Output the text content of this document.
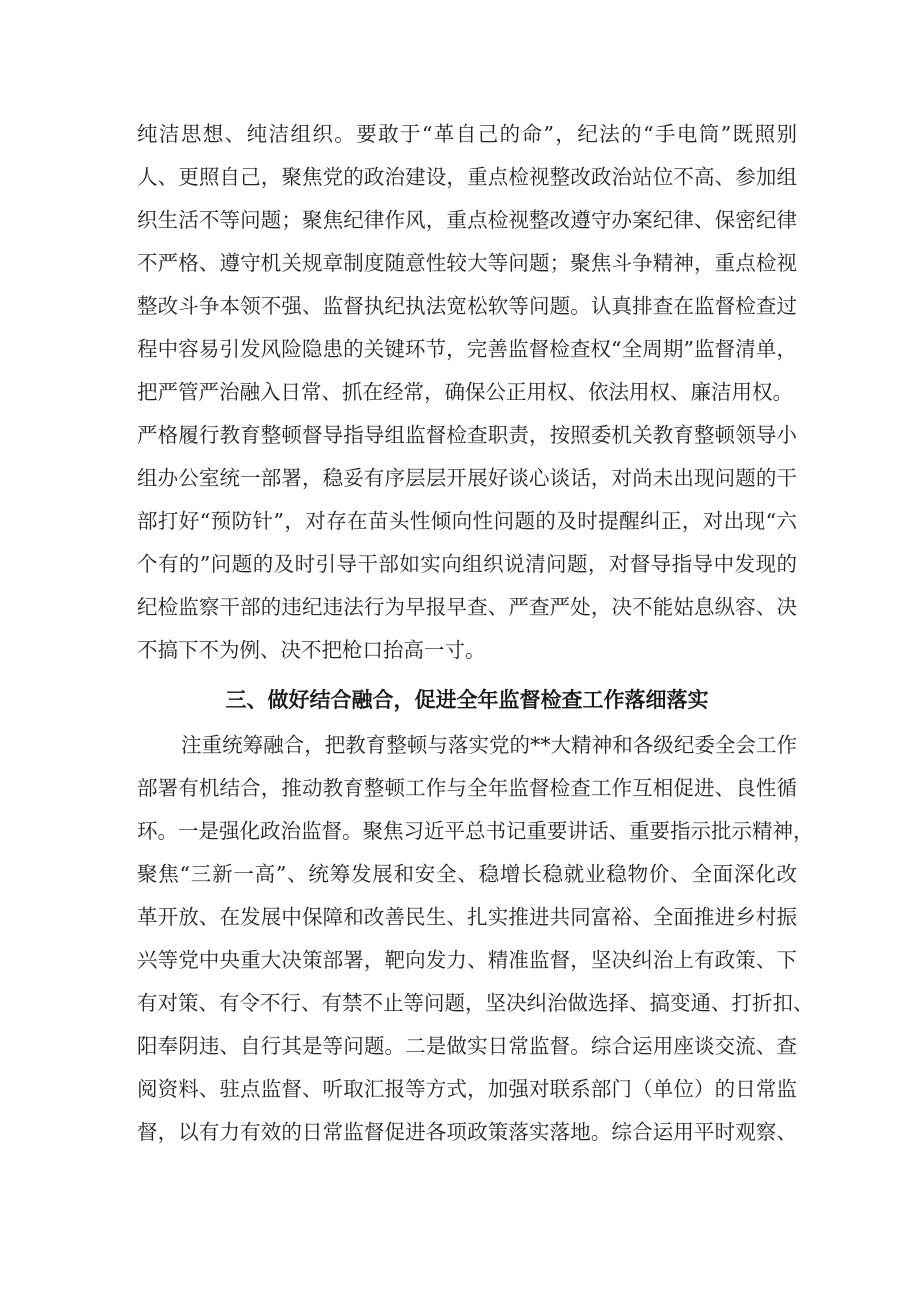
纯洁思想、纯洁组织。要敢于“革自己的命”，纪法的“手电筒”既照别
人、更照自己，聚焦党的政治建设，重点检视整改政治站位不高、参加组
织生活不等问题；聚焦纪律作风，重点检视整改遵守办案纪律、保密纪律
不严格、遵守机关规章制度随意性较大等问题；聚焦斗争精神，重点检视
整改斗争本领不强、监督执纪执法宽松软等问题。认真排查在监督检查过
程中容易引发风险隐患的关键环节，完善监督检查权“全周期”监督清单，
把严管严治融入日常、抓在经常，确保公正用权、依法用权、廉洁用权。
严格履行教育整顿督导指导组监督检查职责，按照委机关教育整顿领导小
组办公室统一部署，稳妥有序层层开展好谈心谈话，对尚未出现问题的干
部打好“预防针”，对存在苗头性倾向性问题的及时提醒纠正，对出现“六
个有的”问题的及时引导干部如实向组织说清问题，对督导指导中发现的
纪检监察干部的违纪违法行为早报早查、严查严处，决不能姑息纵容、决
不搞下不为例、决不把枪口抬高一寸。
三、做好结合融合，促进全年监督检查工作落细落实
注重统筹融合，把教育整顿与落实党的**大精神和各级纪委全会工作
部署有机结合，推动教育整顿工作与全年监督检查工作互相促进、良性循
环。一是强化政治监督。聚焦习近平总书记重要讲话、重要指示批示精神，
聚焦“三新一高”、统筹发展和安全、稳增长稳就业稳物价、全面深化改
革开放、在发展中保障和改善民生、扎实推进共同富裕、全面推进乡村振
兴等党中央重大决策部署，靶向发力、精准监督，坚决纠治上有政策、下
有对策、有令不行、有禁不止等问题，坚决纠治做选择、搞变通、打折扣、
阳奉阴违、自行其是等问题。二是做实日常监督。综合运用座谈交流、查
阅资料、驻点监督、听取汇报等方式，加强对联系部门（单位）的日常监
督，以有力有效的日常监督促进各项政策落实落地。综合运用平时观察、
